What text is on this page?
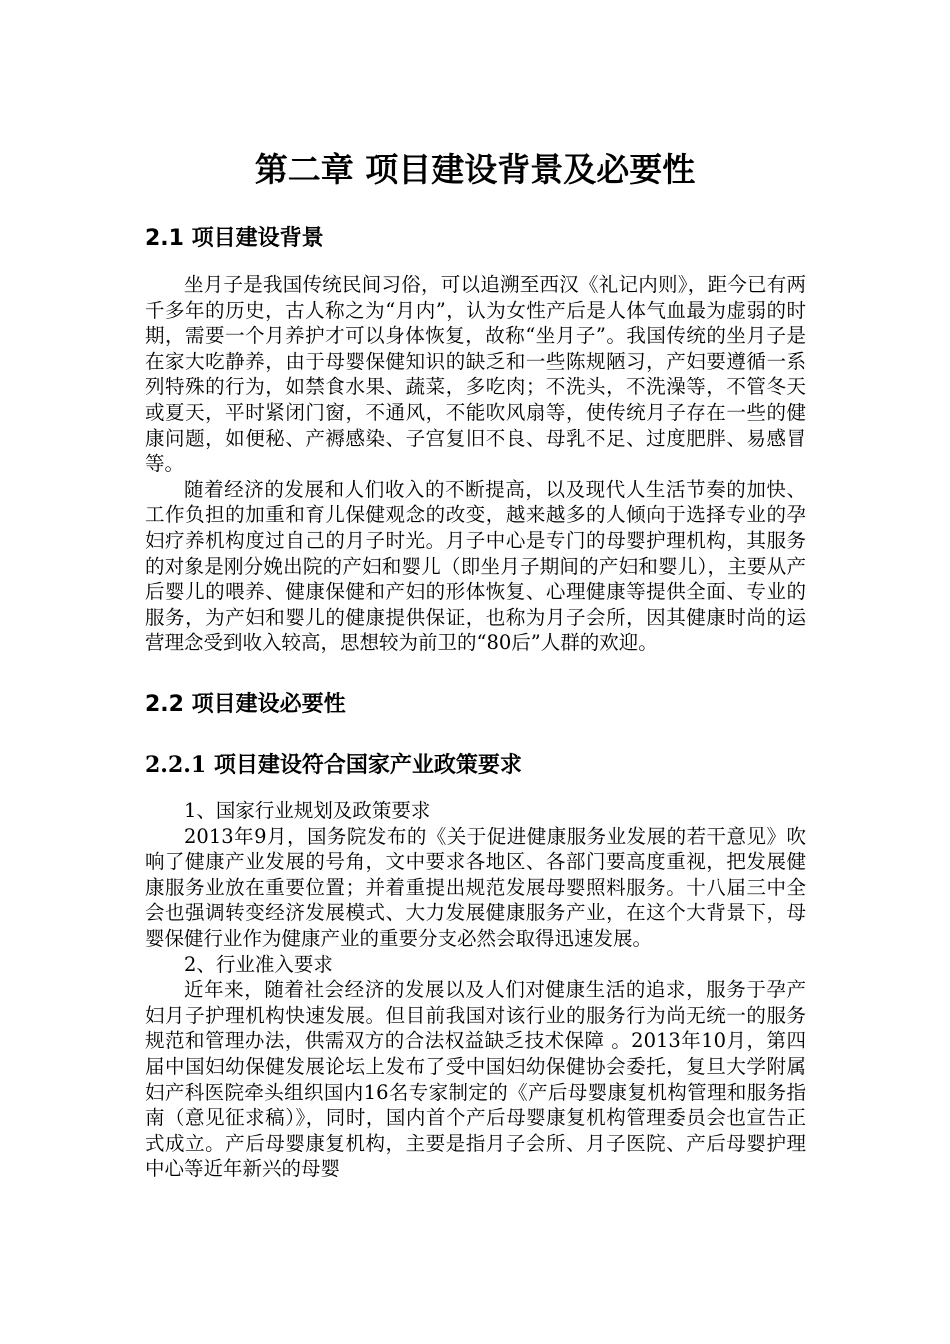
第二章 项目建设背景及必要性
2.1 项目建设背景

坐月子是我国传统民间习俗，可以追溯至西汉《礼记内则》，距今已有两千多年的历史，古人称之为“月内”，认为女性产后是人体气血最为虚弱的时期，需要一个月养护才可以身体恢复，故称“坐月子”。我国传统的坐月子是在家大吃静养，由于母婴保健知识的缺乏和一些陈规陋习，产妇要遵循一系列特殊的行为，如禁食水果、蔬菜，多吃肉；不洗头，不洗澡等，不管冬天或夏天，平时紧闭门窗，不通风，不能吹风扇等，使传统月子存在一些的健康问题，如便秘、产褥感染、子宫复旧不良、母乳不足、过度肥胖、易感冒等。

随着经济的发展和人们收入的不断提高，以及现代人生活节奏的加快、工作负担的加重和育儿保健观念的改变，越来越多的人倾向于选择专业的孕妇疗养机构度过自己的月子时光。月子中心是专门的母婴护理机构，其服务的对象是刚分娩出院的产妇和婴儿（即坐月子期间的产妇和婴儿），主要从产后婴儿的喂养、健康保健和产妇的形体恢复、心理健康等提供全面、专业的服务，为产妇和婴儿的健康提供保证，也称为月子会所，因其健康时尚的运营理念受到收入较高，思想较为前卫的“80后”人群的欢迎。

2.2 项目建设必要性
2.2.1 项目建设符合国家产业政策要求

1、国家行业规划及政策要求

2013年9月，国务院发布的《关于促进健康服务业发展的若干意见》吹响了健康产业发展的号角，文中要求各地区、各部门要高度重视，把发展健康服务业放在重要位置；并着重提出规范发展母婴照料服务。十八届三中全会也强调转变经济发展模式、大力发展健康服务产业，在这个大背景下，母婴保健行业作为健康产业的重要分支必然会取得迅速发展。

2、行业准入要求

近年来，随着社会经济的发展以及人们对健康生活的追求，服务于孕产妇月子护理机构快速发展。但目前我国对该行业的服务行为尚无统一的服务规范和管理办法，供需双方的合法权益缺乏技术保障 。2013年10月，第四届中国妇幼保健发展论坛上发布了受中国妇幼保健协会委托，复旦大学附属妇产科医院牵头组织国内16名专家制定的《产后母婴康复机构管理和服务指南（意见征求稿）》，同时，国内首个产后母婴康复机构管理委员会也宣告正式成立。产后母婴康复机构，主要是指月子会所、月子医院、产后母婴护理中心等近年新兴的母婴
